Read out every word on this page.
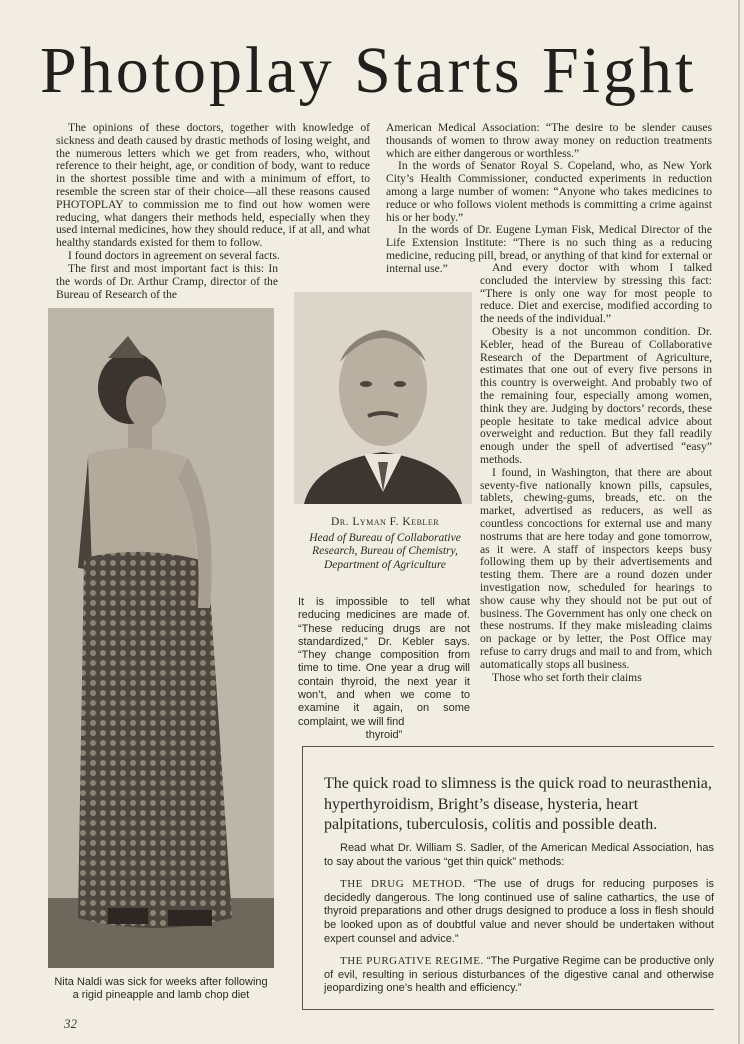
Photoplay Starts Fight

The opinions of these doctors, together with knowledge of sickness and death caused by drastic methods of losing weight, and the numerous letters which we get from readers, who, without reference to their height, age, or condition of body, want to reduce in the shortest possible time and with a minimum of effort, to resemble the screen star of their choice—all these reasons caused PHOTOPLAY to commission me to find out how women were reducing, what dangers their methods held, especially when they used internal medicines, how they should reduce, if at all, and what healthy standards existed for them to follow.

I found doctors in agreement on several facts.

The first and most important fact is this: In the words of Dr. Arthur Cramp, director of the Bureau of Research of the

American Medical Association: “The desire to be slender causes thousands of women to throw away money on reduction treatments which are either dangerous or worthless.”

In the words of Senator Royal S. Copeland, who, as New York City’s Health Commissioner, conducted experiments in reduction among a large number of women: “Anyone who takes medicines to reduce or who follows violent methods is committing a crime against his or her body.”

In the words of Dr. Eugene Lyman Fisk, Medical Director of the Life Extension Institute: “There is no such thing as a reducing medicine, reducing pill, bread, or anything of that kind for external or internal use.”	And every doctor with whom I talked concluded the interview by stressing this fact: “There is only one way for most people to reduce. Diet and exercise, modified according to the needs of the individual.”

Obesity is a not uncommon condition. Dr. Kebler, head of the Bureau of Collaborative Research of the Department of Agriculture, estimates that one out of every five persons in this country is overweight. And probably two of the remaining four, especially among women, think they are. Judging by doctors’ records, these people hesitate to take medical advice about overweight and reduction. But they fall readily enough under the spell of advertised “easy” methods.

I found, in Washington, that there are about seventy-five nationally known pills, capsules, tablets, chewing-gums, breads, etc. on the market, advertised as reducers, as well as countless concoctions for external use and many nostrums that are here today and gone tomorrow, as it were. A staff of inspectors keeps busy following them up by their advertisements and testing them. There are a round dozen under investigation now, scheduled for hearings to show cause why they should not be put out of business. The Government has only one check on these nostrums. If they make misleading claims on package or by letter, the Post Office may refuse to carry drugs and mail to and from, which automatically stops all business.

Those who set forth their claims

Dr. Lyman F. Kebler
Head of Bureau of Collaborative Research, Bureau of Chemistry, Department of Agriculture
It is impossible to tell what reducing medicines are made of. “These reducing drugs are not standardized,” Dr. Kebler says. “They change composition from time to time. One year a drug will contain thyroid, the next year it won’t, and when we come to examine it again, on some complaint, we will find
thyroid”
Nita Naldi was sick for weeks after following a rigid pineapple and lamb chop diet
32
The quick road to slimness is the quick road to neurasthenia, hyperthyroidism, Bright’s disease, hysteria, heart palpitations, tuberculosis, colitis and possible death.

Read what Dr. William S. Sadler, of the American Medical Association, has to say about the various “get thin quick” methods:

THE DRUG METHOD. “The use of drugs for reducing purposes is decidedly dangerous. The long continued use of saline cathartics, the use of thyroid preparations and other drugs designed to produce a loss in flesh should be looked upon as of doubtful value and never should be undertaken without expert counsel and advice.”

THE PURGATIVE REGIME. “The Purgative Regime can be productive only of evil, resulting in serious disturbances of the digestive canal and otherwise jeopardizing one’s health and efficiency.”
